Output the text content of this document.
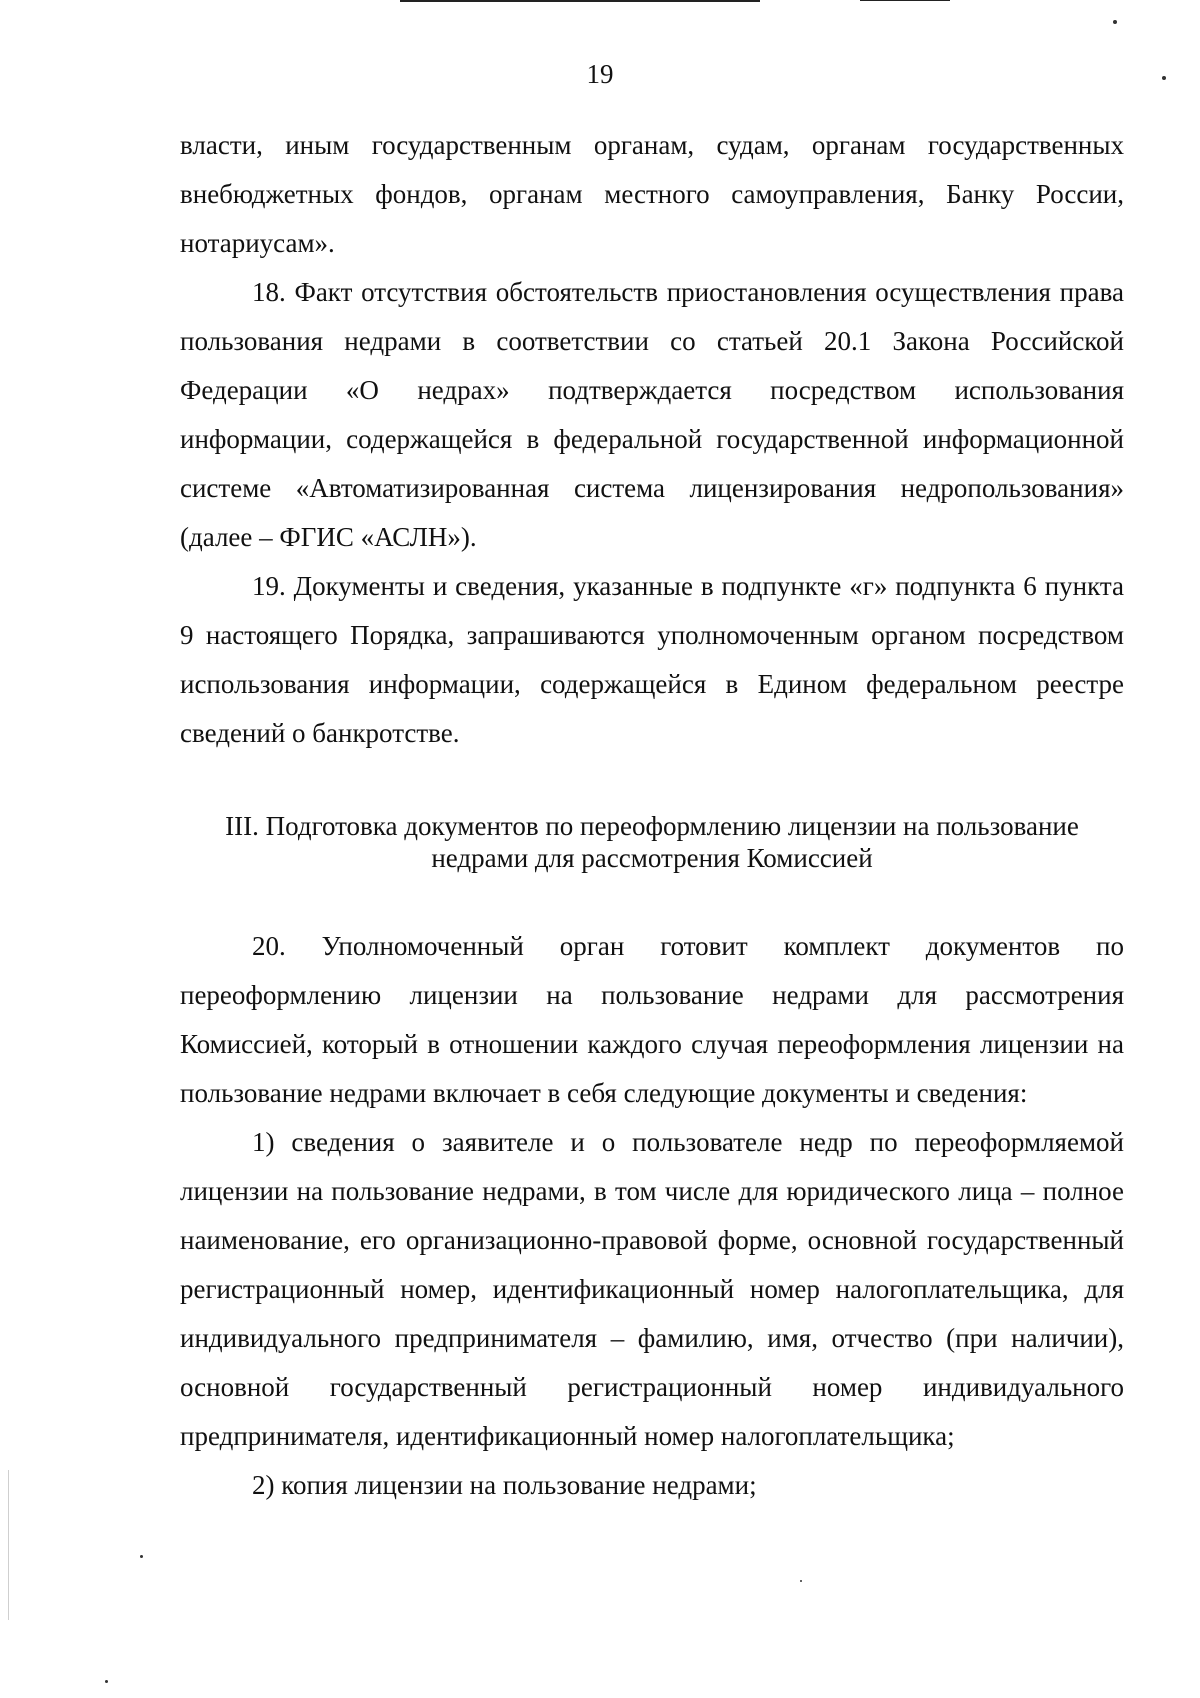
19

власти, иным государственным органам, судам, органам государственных внебюджетных фондов, органам местного самоуправления, Банку России, нотариусам».

18. Факт отсутствия обстоятельств приостановления осуществления права пользования недрами в соответствии со статьей 20.1 Закона Российской Федерации «О недрах» подтверждается посредством использования информации, содержащейся в федеральной государственной информационной системе «Автоматизированная система лицензирования недропользования» (далее – ФГИС «АСЛН»).

19. Документы и сведения, указанные в подпункте «г» подпункта 6 пункта 9 настоящего Порядка, запрашиваются уполномоченным органом посредством использования информации, содержащейся в Едином федеральном реестре сведений о банкротстве.

III. Подготовка документов по переоформлению лицензии на пользование
недрами для рассмотрения Комиссией

20. Уполномоченный орган готовит комплект документов по переоформлению лицензии на пользование недрами для рассмотрения Комиссией, который в отношении каждого случая переоформления лицензии на пользование недрами включает в себя следующие документы и сведения:

1) сведения о заявителе и о пользователе недр по переоформляемой лицензии на пользование недрами, в том числе для юридического лица – полное наименование, его организационно-правовой форме, основной государственный регистрационный номер, идентификационный номер налогоплательщика, для индивидуального предпринимателя – фамилию, имя, отчество (при наличии), основной государственный регистрационный номер индивидуального предпринимателя, идентификационный номер налогоплательщика;

2) копия лицензии на пользование недрами;
